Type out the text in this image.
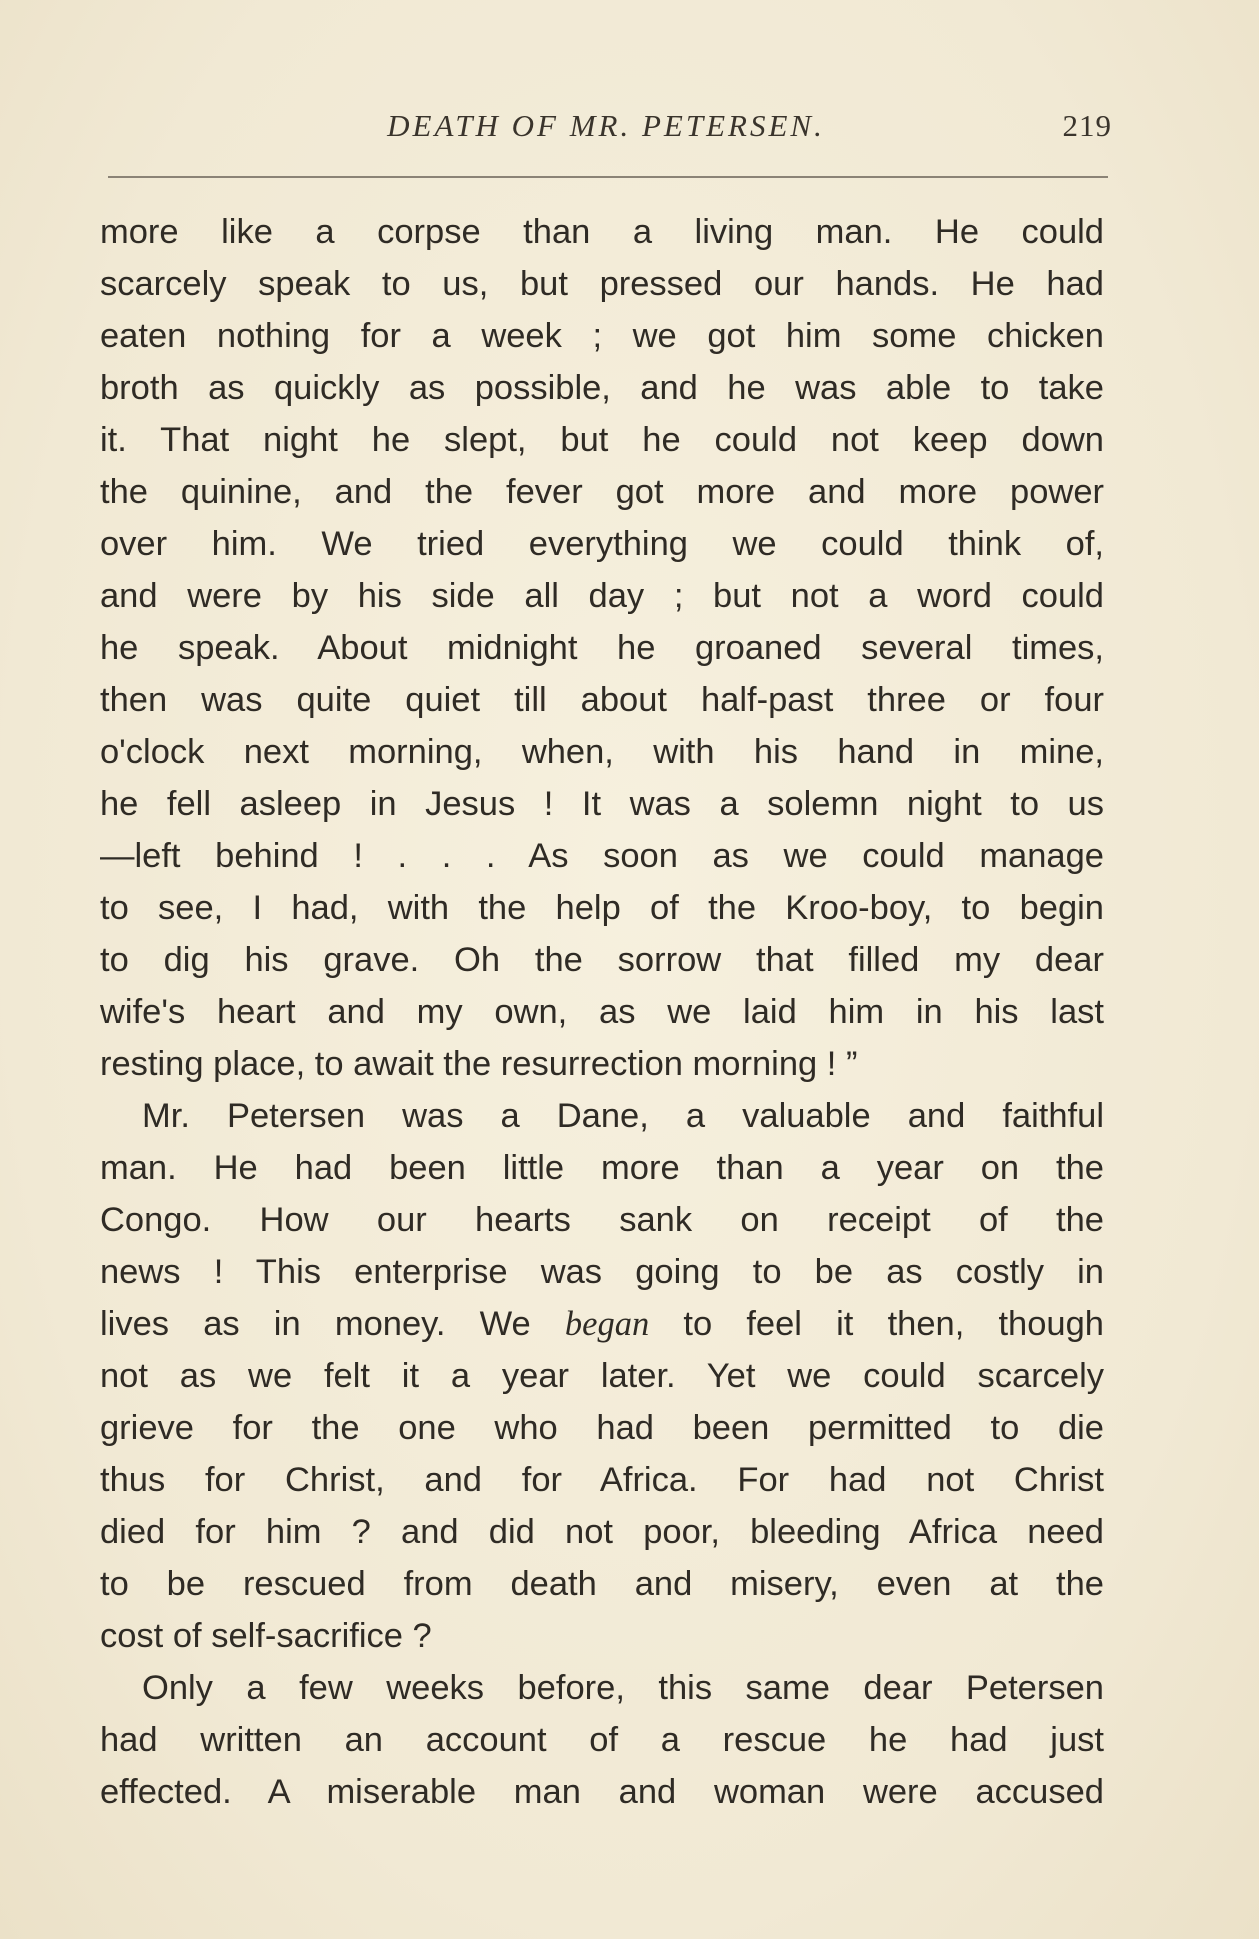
DEATH OF MR. PETERSEN.	219
more like a corpse than a living man. He could
scarcely speak to us, but pressed our hands. He had
eaten nothing for a week ; we got him some chicken
broth as quickly as possible, and he was able to take
it. That night he slept, but he could not keep down
the quinine, and the fever got more and more power
over him. We tried everything we could think of,
and were by his side all day ; but not a word could
he speak. About midnight he groaned several times,
then was quite quiet till about half-past three or four
o'clock next morning, when, with his hand in mine,
he fell asleep in Jesus ! It was a solemn night to us
—left behind ! . . . As soon as we could manage
to see, I had, with the help of the Kroo-boy, to begin
to dig his grave. Oh the sorrow that filled my dear
wife's heart and my own, as we laid him in his last
resting place, to await the resurrection morning ! ”
Mr. Petersen was a Dane, a valuable and faithful
man. He had been little more than a year on the
Congo. How our hearts sank on receipt of the
news ! This enterprise was going to be as costly in
lives as in money. We began to feel it then, though
not as we felt it a year later. Yet we could scarcely
grieve for the one who had been permitted to die
thus for Christ, and for Africa. For had not Christ
died for him ? and did not poor, bleeding Africa need
to be rescued from death and misery, even at the
cost of self-sacrifice ?
Only a few weeks before, this same dear Petersen
had written an account of a rescue he had just
effected. A miserable man and woman were accused
